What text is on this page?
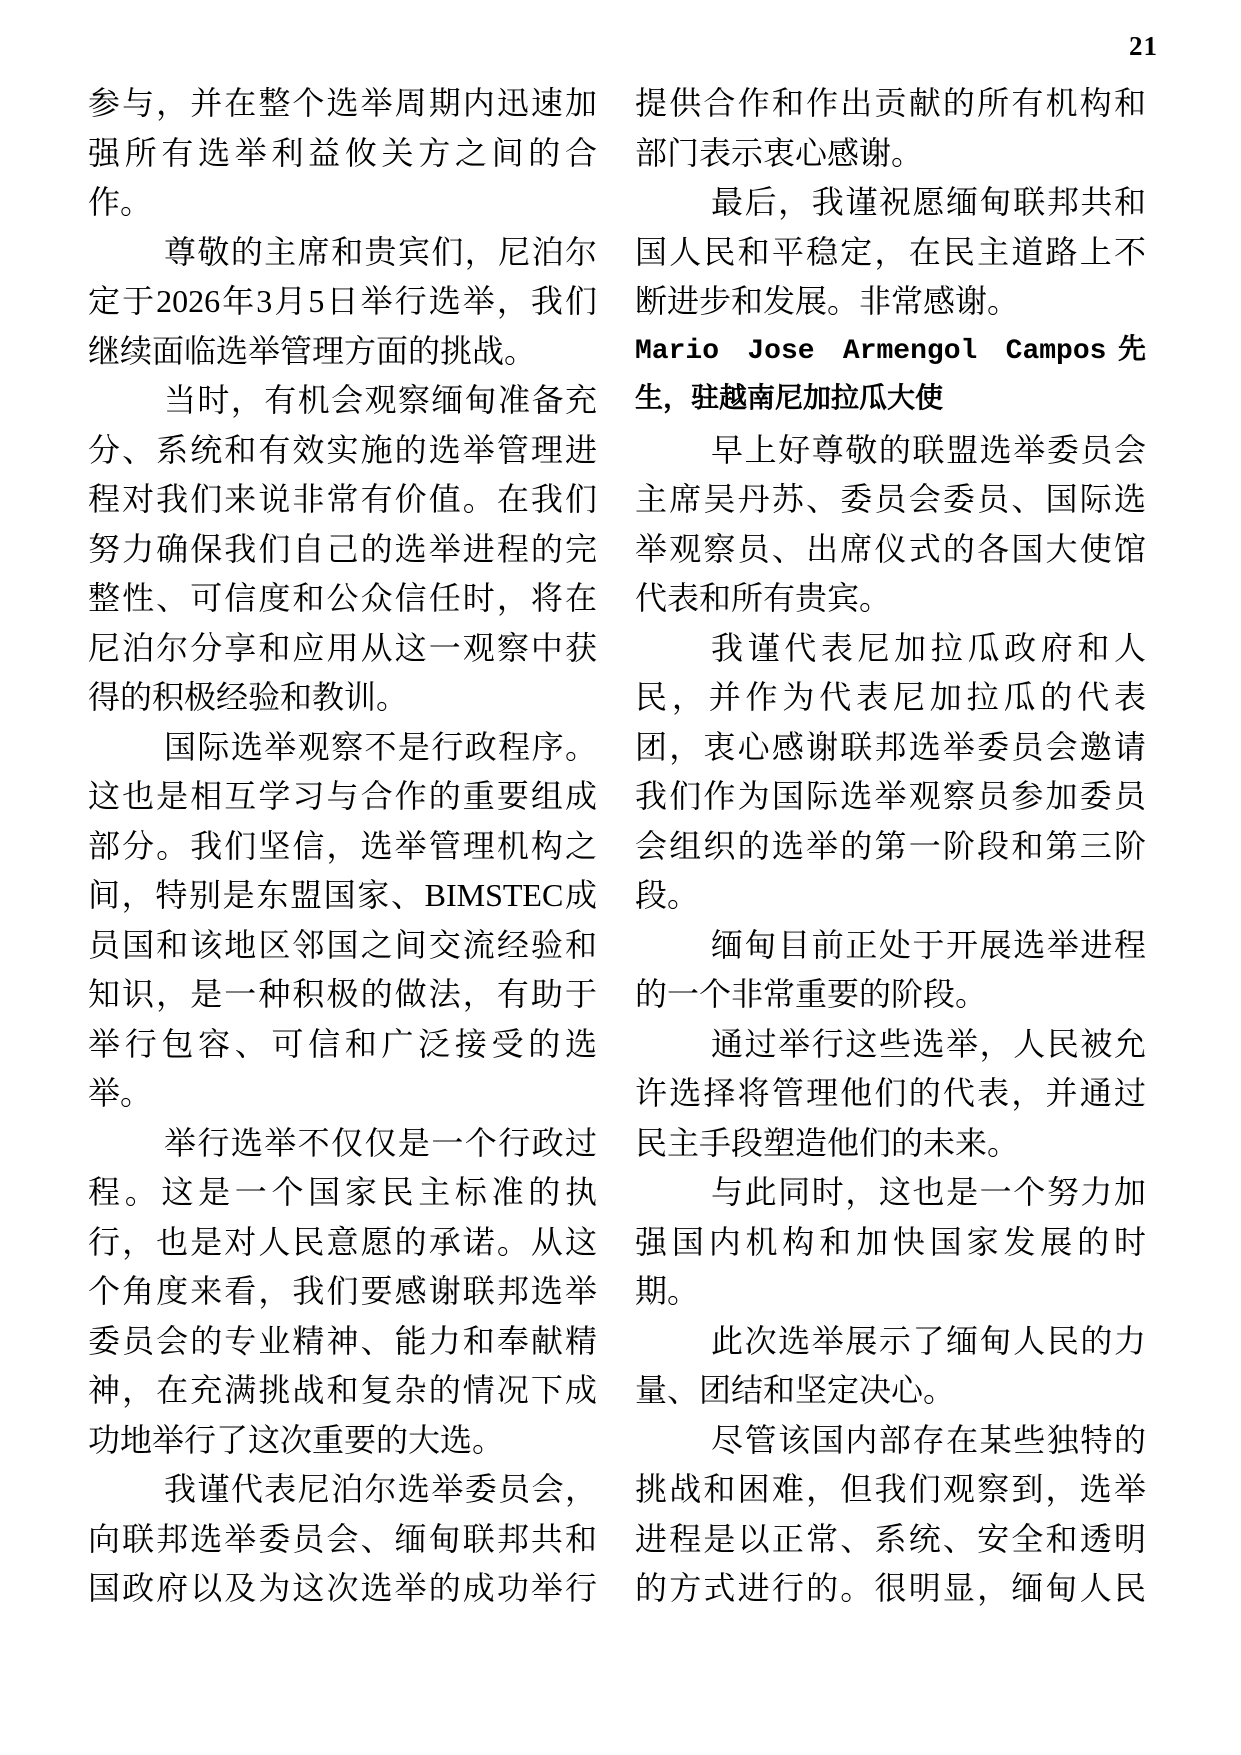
21
参与，并在整个选举周期内迅速加
强所有选举利益攸关方之间的合
作。
尊敬的主席和贵宾们，尼泊尔
定于2026年3月5日举行选举，我们
继续面临选举管理方面的挑战。
当时，有机会观察缅甸准备充
分、系统和有效实施的选举管理进
程对我们来说非常有价值。在我们
努力确保我们自己的选举进程的完
整性、可信度和公众信任时，将在
尼泊尔分享和应用从这一观察中获
得的积极经验和教训。
国际选举观察不是行政程序。
这也是相互学习与合作的重要组成
部分。我们坚信，选举管理机构之
间，特别是东盟国家、BIMSTEC成
员国和该地区邻国之间交流经验和
知识，是一种积极的做法，有助于
举行包容、可信和广泛接受的选
举。
举行选举不仅仅是一个行政过
程。这是一个国家民主标准的执
行，也是对人民意愿的承诺。从这
个角度来看，我们要感谢联邦选举
委员会的专业精神、能力和奉献精
神，在充满挑战和复杂的情况下成
功地举行了这次重要的大选。
我谨代表尼泊尔选举委员会，
向联邦选举委员会、缅甸联邦共和
国政府以及为这次选举的成功举行
提供合作和作出贡献的所有机构和
部门表示衷心感谢。
最后，我谨祝愿缅甸联邦共和
国人民和平稳定，在民主道路上不
断进步和发展。非常感谢。
Mario Jose Armengol Campos先
生，驻越南尼加拉瓜大使
早上好尊敬的联盟选举委员会
主席吴丹苏、委员会委员、国际选
举观察员、出席仪式的各国大使馆
代表和所有贵宾。
我谨代表尼加拉瓜政府和人
民，并作为代表尼加拉瓜的代表
团，衷心感谢联邦选举委员会邀请
我们作为国际选举观察员参加委员
会组织的选举的第一阶段和第三阶
段。
缅甸目前正处于开展选举进程
的一个非常重要的阶段。
通过举行这些选举，人民被允
许选择将管理他们的代表，并通过
民主手段塑造他们的未来。
与此同时，这也是一个努力加
强国内机构和加快国家发展的时
期。
此次选举展示了缅甸人民的力
量、团结和坚定决心。
尽管该国内部存在某些独特的
挑战和困难，但我们观察到，选举
进程是以正常、系统、安全和透明
的方式进行的。很明显，缅甸人民
